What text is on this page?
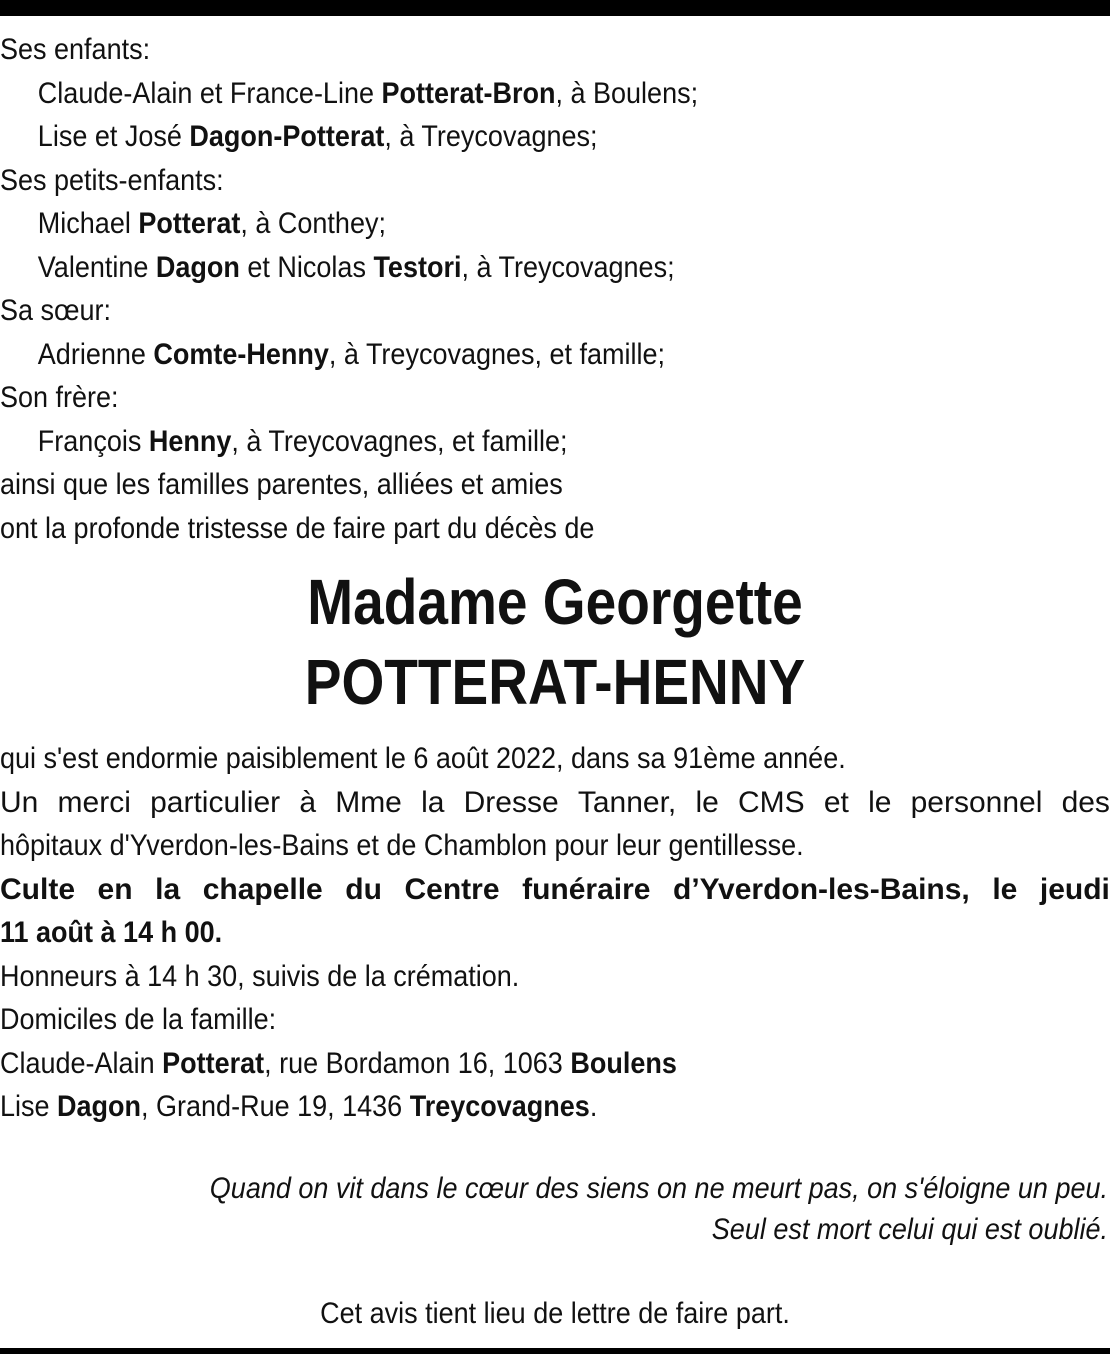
Ses enfants:
Claude-Alain et France-Line Potterat-Bron, à Boulens;
Lise et José Dagon-Potterat, à Treycovagnes;
Ses petits-enfants:
Michael Potterat, à Conthey;
Valentine Dagon et Nicolas Testori, à Treycovagnes;
Sa sœur:
Adrienne Comte-Henny, à Treycovagnes, et famille;
Son frère:
François Henny, à Treycovagnes, et famille;
ainsi que les familles parentes, alliées et amies
ont la profonde tristesse de faire part du décès de
Madame Georgette
POTTERAT-HENNY
qui s'est endormie paisiblement le 6 août 2022, dans sa 91ème année.
Un merci particulier à Mme la Dresse Tanner, le CMS et le personnel des
hôpitaux d'Yverdon-les-Bains et de Chamblon pour leur gentillesse.
Culte en la chapelle du Centre funéraire d’Yverdon-les-Bains, le jeudi
11 août à 14 h 00.
Honneurs à 14 h 30, suivis de la crémation.
Domiciles de la famille:
Claude-Alain Potterat, rue Bordamon 16, 1063 Boulens
Lise Dagon, Grand-Rue 19, 1436 Treycovagnes.
Quand on vit dans le cœur des siens on ne meurt pas, on s'éloigne un peu.
Seul est mort celui qui est oublié.
Cet avis tient lieu de lettre de faire part.
